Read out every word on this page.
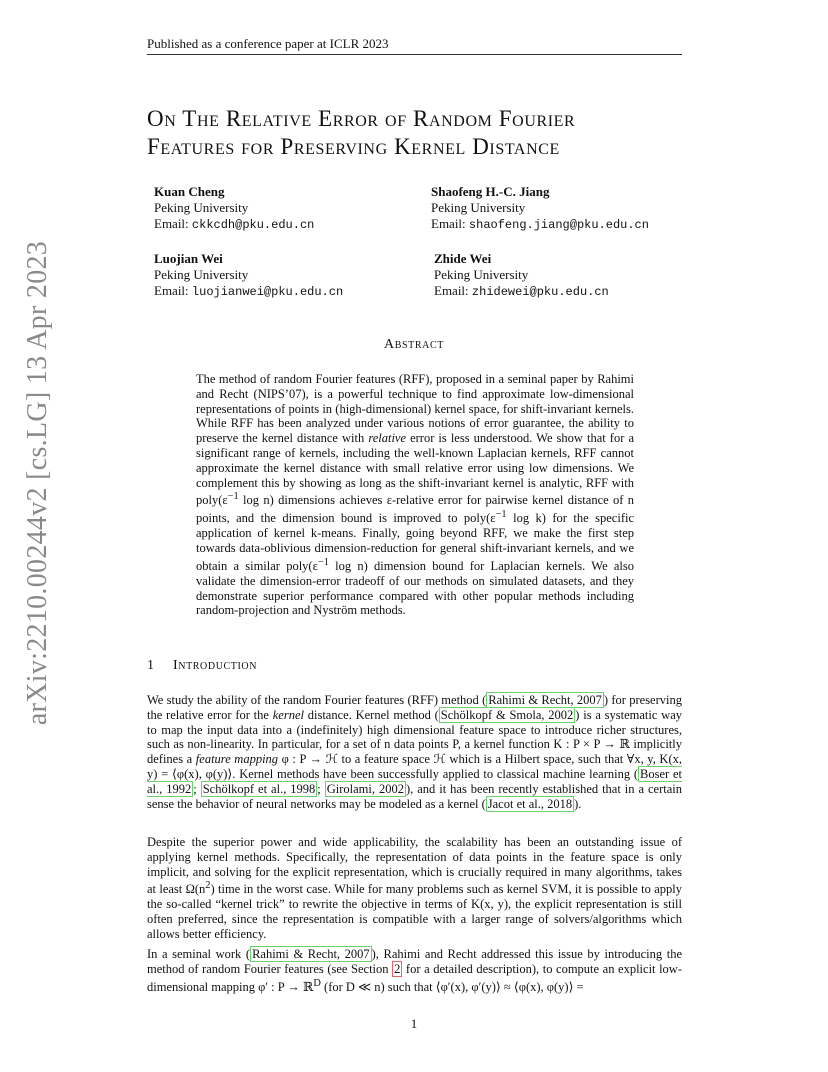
Published as a conference paper at ICLR 2023
arXiv:2210.00244v2 [cs.LG] 13 Apr 2023
On The Relative Error of Random Fourier
Features for Preserving Kernel Distance
Kuan Cheng
Peking University
Email: ckkcdh@pku.edu.cn
Shaofeng H.-C. Jiang
Peking University
Email: shaofeng.jiang@pku.edu.cn
Luojian Wei
Peking University
Email: luojianwei@pku.edu.cn
Zhide Wei
Peking University
Email: zhidewei@pku.edu.cn
Abstract

The method of random Fourier features (RFF), proposed in a seminal paper by Rahimi and Recht (NIPS’07), is a powerful technique to find approximate low-dimensional representations of points in (high-dimensional) kernel space, for shift-invariant kernels. While RFF has been analyzed under various notions of error guarantee, the ability to preserve the kernel distance with relative error is less understood. We show that for a significant range of kernels, including the well-known Laplacian kernels, RFF cannot approximate the kernel distance with small relative error using low dimensions. We complement this by showing as long as the shift-invariant kernel is analytic, RFF with $poly(\varepsilon^{-1}$ log n) dimensions achieves ε-relative error for pairwise kernel distance of n points, and the dimension bound is improved to $poly(\varepsilon^{-1}$ log k) for the specific application of kernel k-means. Finally, going beyond RFF, we make the first step towards data-oblivious dimension-reduction for general shift-invariant kernels, and we obtain a similar $poly(\varepsilon^{-1}$ log n) dimension bound for Laplacian kernels. We also validate the dimension-error tradeoff of our methods on simulated datasets, and they demonstrate superior performance compared with other popular methods including random-projection and Nyström methods.

1 Introduction

We study the ability of the random Fourier features (RFF) method ( Rahimi & Recht, 2007 ) for preserving the relative error for the kernel distance. Kernel method ( Schölkopf & Smola, 2002 ) is a systematic way to map the input data into a (indefinitely) high dimensional feature space to introduce richer structures, such as non-linearity. In particular, for a set of n data points P, a kernel function K : P × P → ℝ implicitly defines a feature mapping φ : P → ℋ to a feature space ℋ which is a Hilbert space, such that ∀x, y, K(x, y) = ⟨φ(x), φ(y)⟩. Kernel methods have been successfully applied to classical machine learning ( Boser et al., 1992 ; Schölkopf et al., 1998 ; Girolami, 2002 ), and it has been recently established that in a certain sense the behavior of neural networks may be modeled as a kernel ( Jacot et al., 2018 ).

Despite the superior power and wide applicability, the scalability has been an outstanding issue of applying kernel methods. Specifically, the representation of data points in the feature space is only implicit, and solving for the explicit representation, which is crucially required in many algorithms, takes at least $\Omega(n^2)$ time in the worst case. While for many problems such as kernel SVM, it is possible to apply the so-called “kernel trick” to rewrite the objective in terms of K(x, y), the explicit representation is still often preferred, since the representation is compatible with a larger range of solvers/algorithms which allows better efficiency.

In a seminal work ( Rahimi & Recht, 2007 ), Rahimi and Recht addressed this issue by introducing the method of random Fourier features (see Section 2 for a detailed description), to compute an explicit low-dimensional mapping φ′ : P → ℝ$^D$ (for D ≪ n) such that ⟨φ′(x), φ′(y)⟩ ≈ ⟨φ(x), φ(y)⟩ =

1
